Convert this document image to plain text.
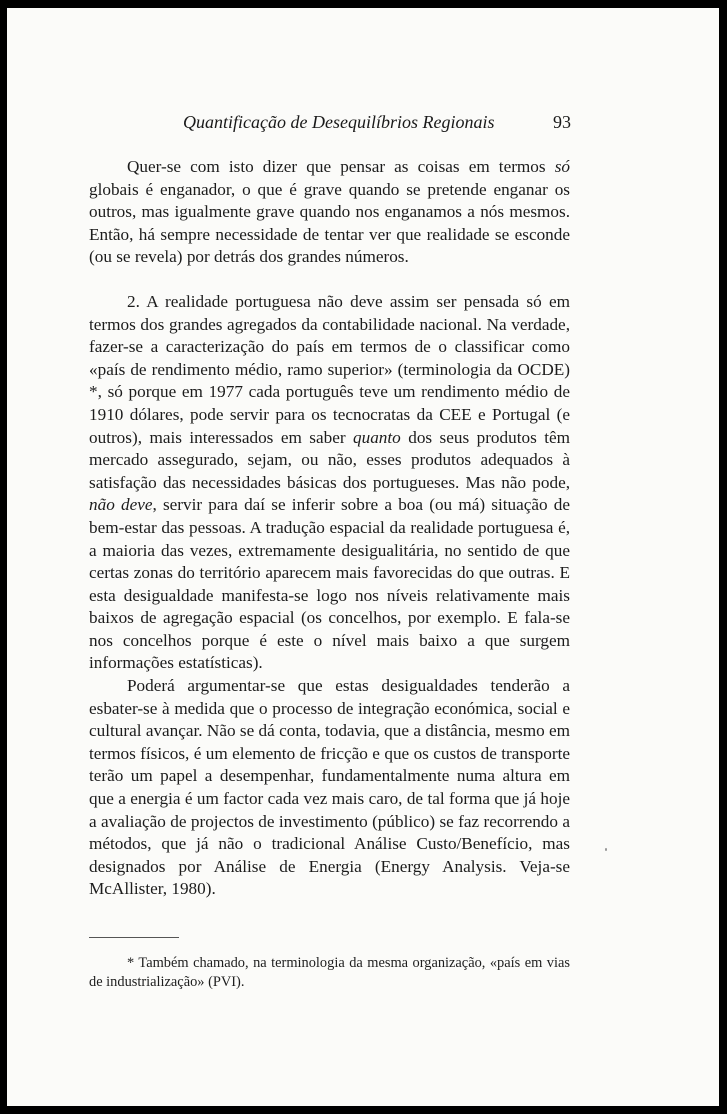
Quantificação de Desequilíbrios Regionais	93

Quer-se com isto dizer que pensar as coisas em termos só globais é enganador, o que é grave quando se pretende enganar os outros, mas igualmente grave quando nos enganamos a nós mesmos. Então, há sempre necessidade de tentar ver que realidade se esconde (ou se revela) por detrás dos grandes números.

2. A realidade portuguesa não deve assim ser pensada só em termos dos grandes agregados da contabilidade nacional. Na verdade, fazer-se a caracterização do país em termos de o classificar como «país de rendimento médio, ramo superior» (terminologia da OCDE) *, só porque em 1977 cada português teve um rendimento médio de 1910 dólares, pode servir para os tecnocratas da CEE e Portugal (e outros), mais interessados em saber quanto dos seus produtos têm mercado assegurado, sejam, ou não, esses produtos adequados à satisfação das necessidades básicas dos portugueses. Mas não pode, não deve, servir para daí se inferir sobre a boa (ou má) situação de bem-estar das pessoas. A tradução espacial da realidade portuguesa é, a maioria das vezes, extremamente desigualitária, no sentido de que certas zonas do território aparecem mais favorecidas do que outras. E esta desigualdade manifesta-se logo nos níveis relativamente mais baixos de agregação espacial (os concelhos, por exemplo. E fala-se nos concelhos porque é este o nível mais baixo a que surgem informações estatísticas).

Poderá argumentar-se que estas desigualdades tenderão a esbater-se à medida que o processo de integração económica, social e cultural avançar. Não se dá conta, todavia, que a distância, mesmo em termos físicos, é um elemento de fricção e que os custos de transporte terão um papel a desempenhar, fundamentalmente numa altura em que a energia é um factor cada vez mais caro, de tal forma que já hoje a avaliação de projectos de investimento (público) se faz recorrendo a métodos, que já não o tradicional Análise Custo/Benefício, mas designados por Análise de Energia (Energy Analysis. Veja-se McAllister, 1980).

* Também chamado, na terminologia da mesma organização, «país em vias de industrialização» (PVI).
